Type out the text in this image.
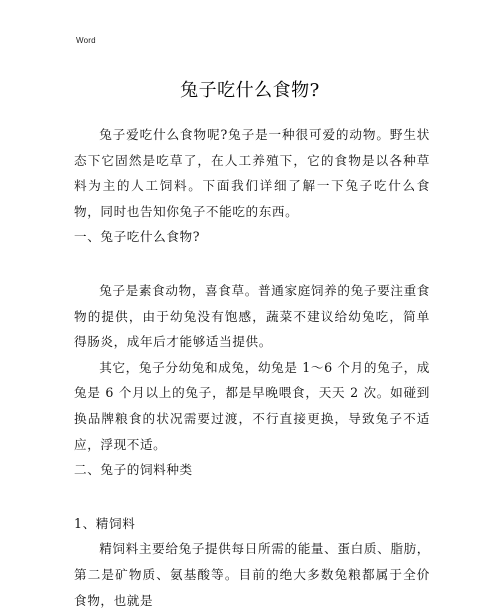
Word
兔子吃什么食物?

兔子爱吃什么食物呢?兔子是一种很可爱的动物。野生状态下它固然是吃草了，在人工养殖下，它的食物是以各种草料为主的人工饲料。下面我们详细了解一下兔子吃什么食物，同时也告知你兔子不能吃的东西。

一、兔子吃什么食物?

兔子是素食动物，喜食草。普通家庭饲养的兔子要注重食物的提供，由于幼兔没有饱感，蔬菜不建议给幼兔吃，简单得肠炎，成年后才能够适当提供。

其它，兔子分幼兔和成兔，幼兔是 1～6 个月的兔子，成兔是 6 个月以上的兔子，都是早晚喂食，天天 2 次。如碰到换品牌粮食的状况需要过渡，不行直接更换，导致兔子不适应，浮现不适。

二、兔子的饲料种类

1、精饲料

精饲料主要给兔子提供每日所需的能量、蛋白质、脂肪，第二是矿物质、氨基酸等。目前的绝大多数兔粮都属于全价食物，也就是
